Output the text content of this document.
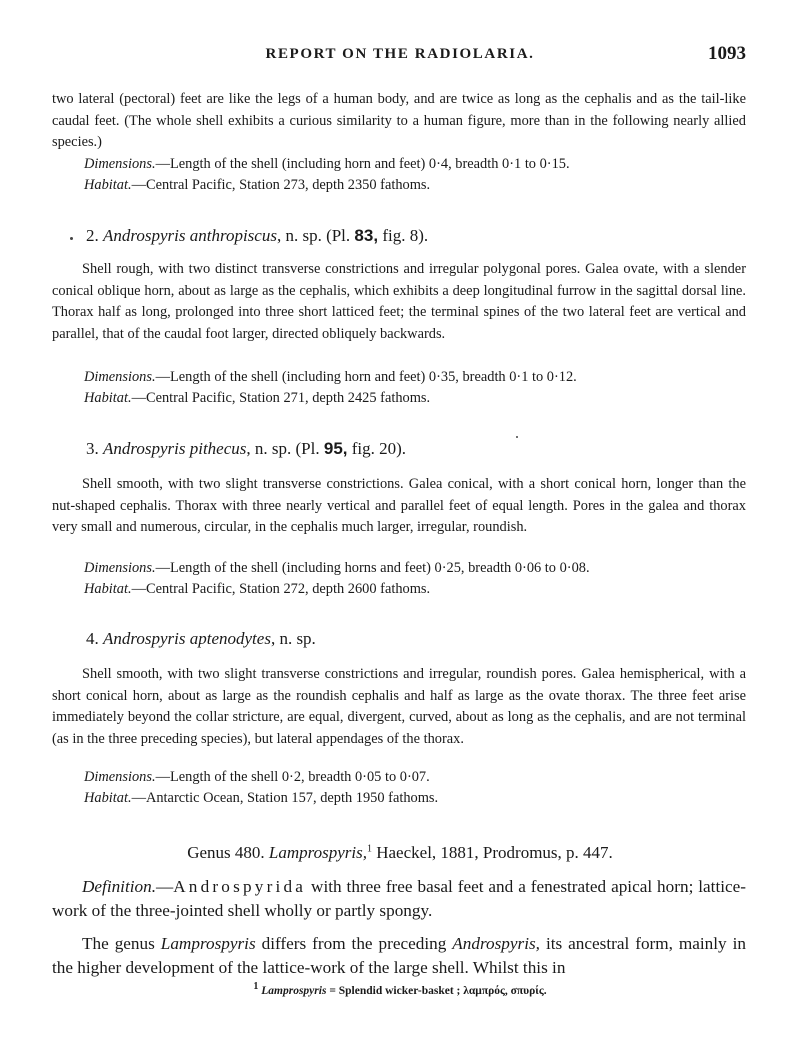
REPORT ON THE RADIOLARIA.	1093

two lateral (pectoral) feet are like the legs of a human body, and are twice as long as the cephalis and as the tail-like caudal feet. (The whole shell exhibits a curious similarity to a human figure, more than in the following nearly allied species.)

Dimensions.—Length of the shell (including horn and feet) 0·4, breadth 0·1 to 0·15.

Habitat.—Central Pacific, Station 273, depth 2350 fathoms.

2. Androspyris anthropiscus, n. sp. (Pl. 83, fig. 8).

Shell rough, with two distinct transverse constrictions and irregular polygonal pores. Galea ovate, with a slender conical oblique horn, about as large as the cephalis, which exhibits a deep longitudinal furrow in the sagittal dorsal line. Thorax half as long, prolonged into three short latticed feet; the terminal spines of the two lateral feet are vertical and parallel, that of the caudal foot larger, directed obliquely backwards.

Dimensions.—Length of the shell (including horn and feet) 0·35, breadth 0·1 to 0·12.

Habitat.—Central Pacific, Station 271, depth 2425 fathoms.

3. Androspyris pithecus, n. sp. (Pl. 95, fig. 20).

Shell smooth, with two slight transverse constrictions. Galea conical, with a short conical horn, longer than the nut-shaped cephalis. Thorax with three nearly vertical and parallel feet of equal length. Pores in the galea and thorax very small and numerous, circular, in the cephalis much larger, irregular, roundish.

Dimensions.—Length of the shell (including horns and feet) 0·25, breadth 0·06 to 0·08.

Habitat.—Central Pacific, Station 272, depth 2600 fathoms.

4. Androspyris aptenodytes, n. sp.

Shell smooth, with two slight transverse constrictions and irregular, roundish pores. Galea hemispherical, with a short conical horn, about as large as the roundish cephalis and half as large as the ovate thorax. The three feet arise immediately beyond the collar stricture, are equal, divergent, curved, about as long as the cephalis, and are not terminal (as in the three preceding species), but lateral appendages of the thorax.

Dimensions.—Length of the shell 0·2, breadth 0·05 to 0·07.

Habitat.—Antarctic Ocean, Station 157, depth 1950 fathoms.

Genus 480. Lamprospyris,$^1$ Haeckel, 1881, Prodromus, p. 447.

Definition.—Androspyrida with three free basal feet and a fenestrated apical horn; lattice-work of the three-jointed shell wholly or partly spongy.

The genus Lamprospyris differs from the preceding Androspyris, its ancestral form, mainly in the higher development of the lattice-work of the large shell. Whilst this in

$^1$ Lamprospyris = Splendid wicker-basket ; λαμπρός, σπυρίς.
